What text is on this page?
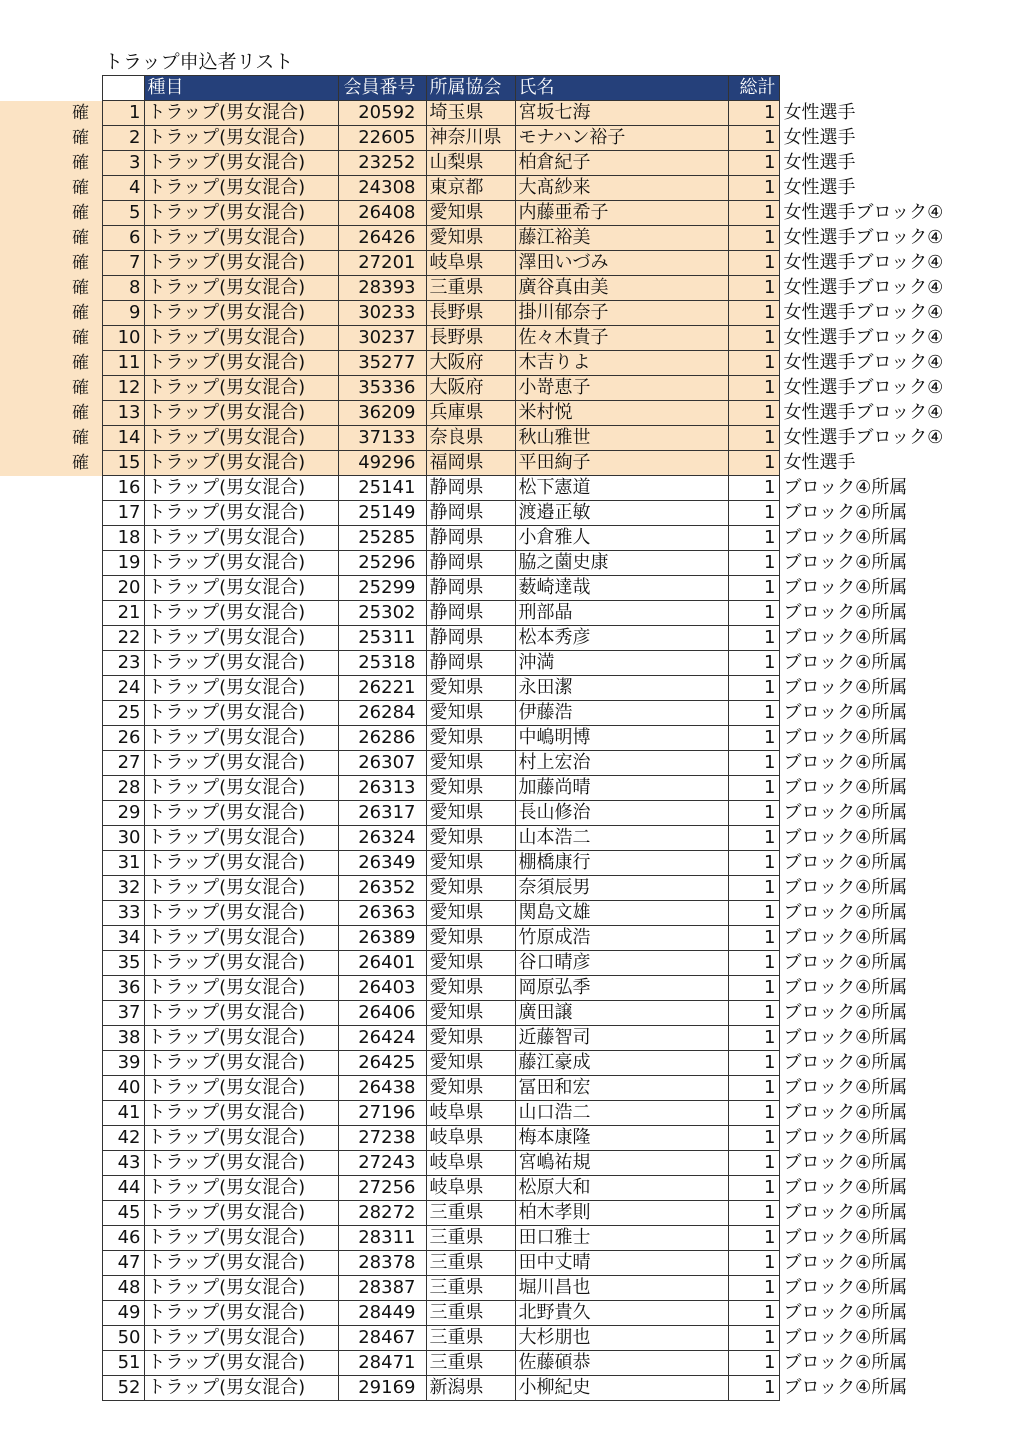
トラップ申込者リスト
		種目	会員番号	所属協会	氏名	総計	
確	1	トラップ(男女混合)	20592	埼玉県	宮坂七海	1	女性選手
確	2	トラップ(男女混合)	22605	神奈川県	モナハン裕子	1	女性選手
確	3	トラップ(男女混合)	23252	山梨県	柏倉紀子	1	女性選手
確	4	トラップ(男女混合)	24308	東京都	大髙紗来	1	女性選手
確	5	トラップ(男女混合)	26408	愛知県	内藤亜希子	1	女性選手ブロック④
確	6	トラップ(男女混合)	26426	愛知県	藤江裕美	1	女性選手ブロック④
確	7	トラップ(男女混合)	27201	岐阜県	澤田いづみ	1	女性選手ブロック④
確	8	トラップ(男女混合)	28393	三重県	廣谷真由美	1	女性選手ブロック④
確	9	トラップ(男女混合)	30233	長野県	掛川郁奈子	1	女性選手ブロック④
確	10	トラップ(男女混合)	30237	長野県	佐々木貴子	1	女性選手ブロック④
確	11	トラップ(男女混合)	35277	大阪府	木吉りよ	1	女性選手ブロック④
確	12	トラップ(男女混合)	35336	大阪府	小嵜恵子	1	女性選手ブロック④
確	13	トラップ(男女混合)	36209	兵庫県	米村悦	1	女性選手ブロック④
確	14	トラップ(男女混合)	37133	奈良県	秋山雅世	1	女性選手ブロック④
確	15	トラップ(男女混合)	49296	福岡県	平田絢子	1	女性選手
	16	トラップ(男女混合)	25141	静岡県	松下憲道	1	ブロック④所属
	17	トラップ(男女混合)	25149	静岡県	渡邉正敏	1	ブロック④所属
	18	トラップ(男女混合)	25285	静岡県	小倉雅人	1	ブロック④所属
	19	トラップ(男女混合)	25296	静岡県	脇之薗史康	1	ブロック④所属
	20	トラップ(男女混合)	25299	静岡県	薮崎達哉	1	ブロック④所属
	21	トラップ(男女混合)	25302	静岡県	刑部晶	1	ブロック④所属
	22	トラップ(男女混合)	25311	静岡県	松本秀彦	1	ブロック④所属
	23	トラップ(男女混合)	25318	静岡県	沖満	1	ブロック④所属
	24	トラップ(男女混合)	26221	愛知県	永田潔	1	ブロック④所属
	25	トラップ(男女混合)	26284	愛知県	伊藤浩	1	ブロック④所属
	26	トラップ(男女混合)	26286	愛知県	中嶋明博	1	ブロック④所属
	27	トラップ(男女混合)	26307	愛知県	村上宏治	1	ブロック④所属
	28	トラップ(男女混合)	26313	愛知県	加藤尚晴	1	ブロック④所属
	29	トラップ(男女混合)	26317	愛知県	長山修治	1	ブロック④所属
	30	トラップ(男女混合)	26324	愛知県	山本浩二	1	ブロック④所属
	31	トラップ(男女混合)	26349	愛知県	棚橋康行	1	ブロック④所属
	32	トラップ(男女混合)	26352	愛知県	奈須辰男	1	ブロック④所属
	33	トラップ(男女混合)	26363	愛知県	関島文雄	1	ブロック④所属
	34	トラップ(男女混合)	26389	愛知県	竹原成浩	1	ブロック④所属
	35	トラップ(男女混合)	26401	愛知県	谷口晴彦	1	ブロック④所属
	36	トラップ(男女混合)	26403	愛知県	岡原弘季	1	ブロック④所属
	37	トラップ(男女混合)	26406	愛知県	廣田譲	1	ブロック④所属
	38	トラップ(男女混合)	26424	愛知県	近藤智司	1	ブロック④所属
	39	トラップ(男女混合)	26425	愛知県	藤江豪成	1	ブロック④所属
	40	トラップ(男女混合)	26438	愛知県	冨田和宏	1	ブロック④所属
	41	トラップ(男女混合)	27196	岐阜県	山口浩二	1	ブロック④所属
	42	トラップ(男女混合)	27238	岐阜県	梅本康隆	1	ブロック④所属
	43	トラップ(男女混合)	27243	岐阜県	宮嶋祐規	1	ブロック④所属
	44	トラップ(男女混合)	27256	岐阜県	松原大和	1	ブロック④所属
	45	トラップ(男女混合)	28272	三重県	柏木孝則	1	ブロック④所属
	46	トラップ(男女混合)	28311	三重県	田口雅士	1	ブロック④所属
	47	トラップ(男女混合)	28378	三重県	田中丈晴	1	ブロック④所属
	48	トラップ(男女混合)	28387	三重県	堀川昌也	1	ブロック④所属
	49	トラップ(男女混合)	28449	三重県	北野貴久	1	ブロック④所属
	50	トラップ(男女混合)	28467	三重県	大杉朋也	1	ブロック④所属
	51	トラップ(男女混合)	28471	三重県	佐藤碩恭	1	ブロック④所属
	52	トラップ(男女混合)	29169	新潟県	小柳紀史	1	ブロック④所属
